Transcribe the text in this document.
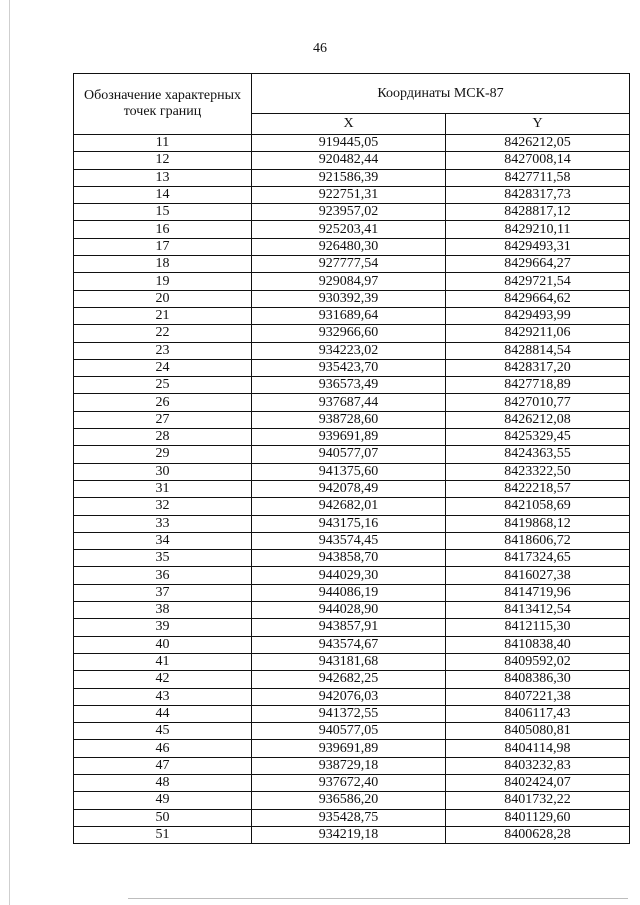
46
Обозначение характерных точек границ	Координаты МСК-87	
	X	Y
11	919445,05	8426212,05
12	920482,44	8427008,14
13	921586,39	8427711,58
14	922751,31	8428317,73
15	923957,02	8428817,12
16	925203,41	8429210,11
17	926480,30	8429493,31
18	927777,54	8429664,27
19	929084,97	8429721,54
20	930392,39	8429664,62
21	931689,64	8429493,99
22	932966,60	8429211,06
23	934223,02	8428814,54
24	935423,70	8428317,20
25	936573,49	8427718,89
26	937687,44	8427010,77
27	938728,60	8426212,08
28	939691,89	8425329,45
29	940577,07	8424363,55
30	941375,60	8423322,50
31	942078,49	8422218,57
32	942682,01	8421058,69
33	943175,16	8419868,12
34	943574,45	8418606,72
35	943858,70	8417324,65
36	944029,30	8416027,38
37	944086,19	8414719,96
38	944028,90	8413412,54
39	943857,91	8412115,30
40	943574,67	8410838,40
41	943181,68	8409592,02
42	942682,25	8408386,30
43	942076,03	8407221,38
44	941372,55	8406117,43
45	940577,05	8405080,81
46	939691,89	8404114,98
47	938729,18	8403232,83
48	937672,40	8402424,07
49	936586,20	8401732,22
50	935428,75	8401129,60
51	934219,18	8400628,28
